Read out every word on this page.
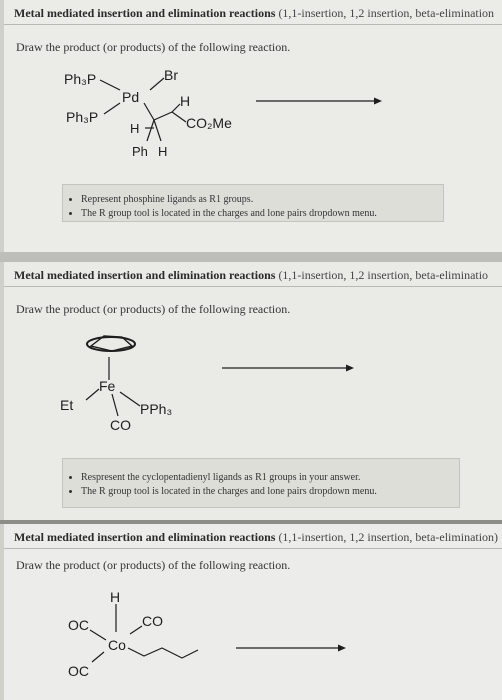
Metal mediated insertion and elimination reactions (1,1-insertion, 1,2 insertion, beta-elimination
Draw the product (or products) of the following reaction.
Ph₃P	Br
Pd	H
Ph₃P
H	CO₂Me
Ph H
• Represent phosphine ligands as R1 groups.
• The R group tool is located in the charges and lone pairs dropdown menu.
Metal mediated insertion and elimination reactions (1,1-insertion, 1,2 insertion, beta-eliminatio
Draw the product (or products) of the following reaction.
Fe
Et	PPh₃
CO
• Respresent the cyclopentadienyl ligands as R1 groups in your answer.
• The R group tool is located in the charges and lone pairs dropdown menu.
Metal mediated insertion and elimination reactions (1,1-insertion, 1,2 insertion, beta-elimination)
Draw the product (or products) of the following reaction.
H
OC	CO
Co
OC
